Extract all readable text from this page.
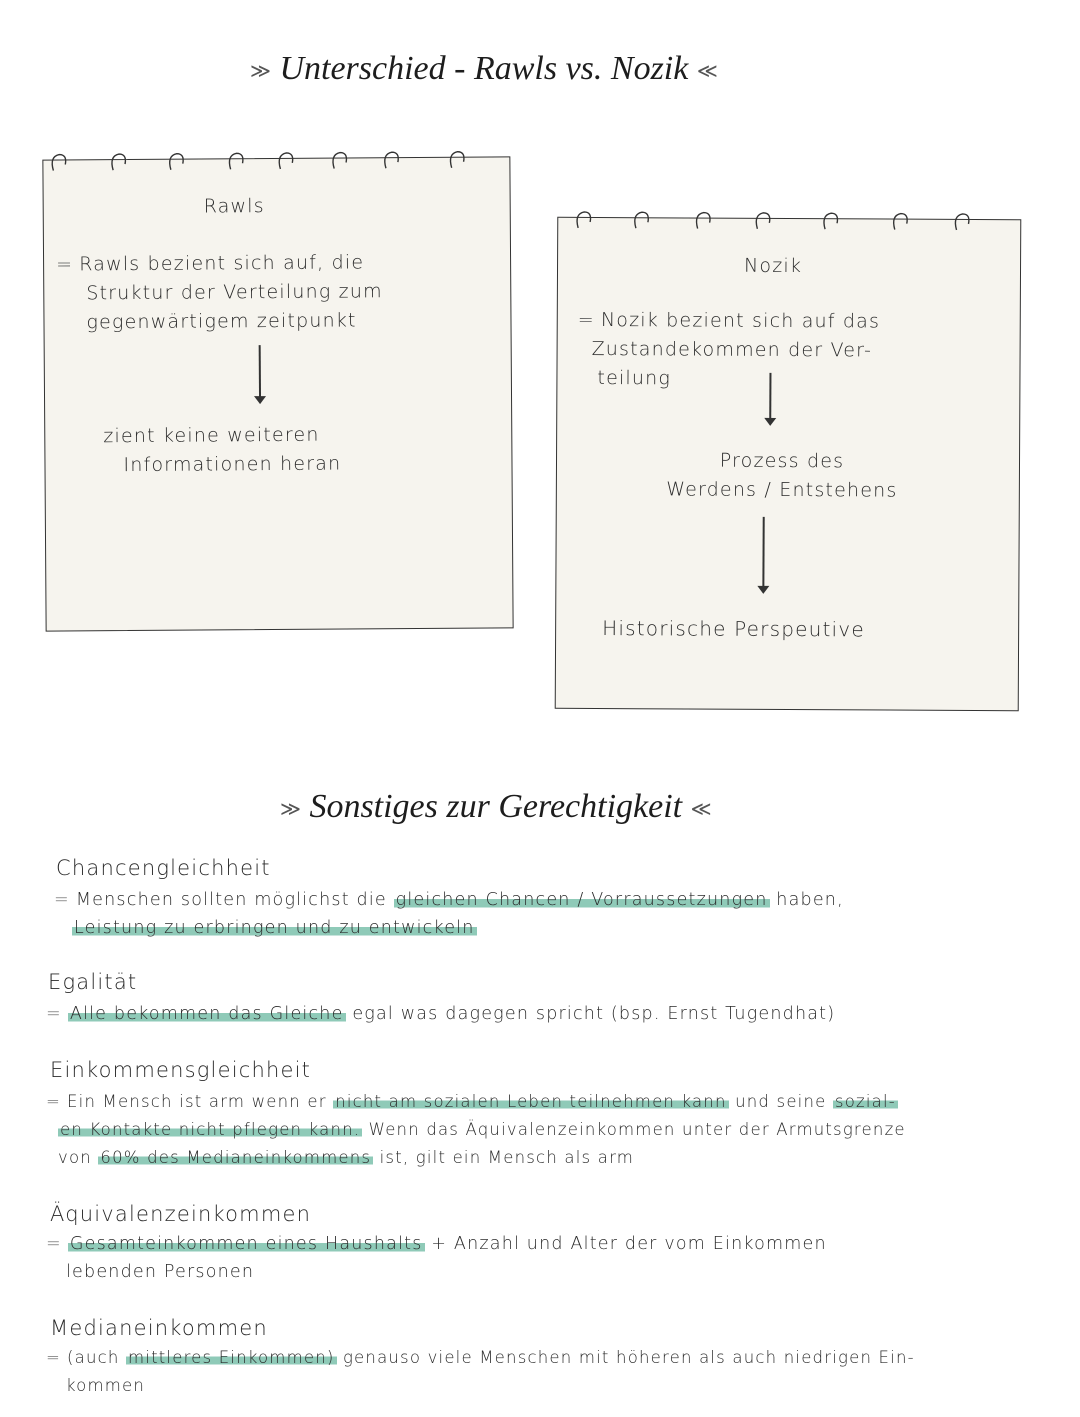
≫ Unterschied - Rawls vs. Nozik ≪
Rawls
= Rawls bezient sich auf, die
Struktur der Verteilung zum
gegenwärtigem zeitpunkt
zient keine weiteren
Informationen heran
Nozik
= Nozik bezient sich auf das
Zustandekommen der Ver-
teilung
Prozess des
Werdens / Entstehens
Historische Perspeutive
≫ Sonstiges zur Gerechtigkeit ≪
Chancengleichheit
= Menschen sollten möglichst die gleichen Chancen / Vorraussetzungen haben,
Leistung zu erbringen und zu entwickeln
Egalität
= Alle bekommen das Gleiche egal was dagegen spricht (bsp. Ernst Tugendhat)
Einkommensgleichheit
= Ein Mensch ist arm wenn er nicht am sozialen Leben teilnehmen kann und seine sozial-
en Kontakte nicht pflegen kann. Wenn das Äquivalenzeinkommen unter der Armutsgrenze
von 60% des Medianeinkommens ist, gilt ein Mensch als arm
Äquivalenzeinkommen
= Gesamteinkommen eines Haushalts + Anzahl und Alter der vom Einkommen
lebenden Personen
Medianeinkommen
= (auch mittleres Einkommen) genauso viele Menschen mit höheren als auch niedrigen Ein-
kommen
